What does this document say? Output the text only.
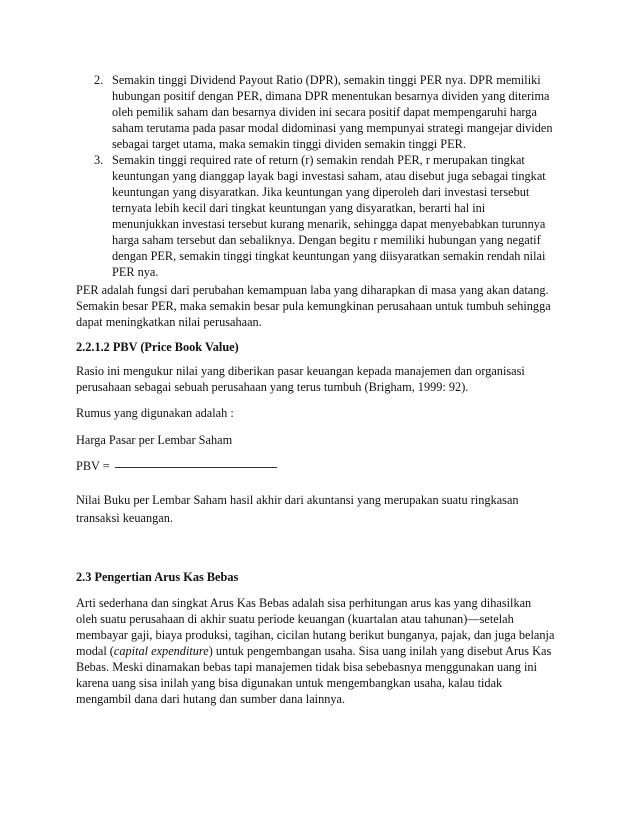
2. Semakin tinggi Dividend Payout Ratio (DPR), semakin tinggi PER nya. DPR memiliki
hubungan positif dengan PER, dimana DPR menentukan besarnya dividen yang diterima
oleh pemilik saham dan besarnya dividen ini secara positif dapat mempengaruhi harga
saham terutama pada pasar modal didominasi yang mempunyai strategi mangejar dividen
sebagai target utama, maka semakin tinggi dividen semakin tinggi PER.
3. Semakin tinggi required rate of return (r) semakin rendah PER, r merupakan tingkat
keuntungan yang dianggap layak bagi investasi saham, atau disebut juga sebagai tingkat
keuntungan yang disyaratkan. Jika keuntungan yang diperoleh dari investasi tersebut
ternyata lebih kecil dari tingkat keuntungan yang disyaratkan, berarti hal ini
menunjukkan investasi tersebut kurang menarik, sehingga dapat menyebabkan turunnya
harga saham tersebut dan sebaliknya. Dengan begitu r memiliki hubungan yang negatif
dengan PER, semakin tinggi tingkat keuntungan yang diisyaratkan semakin rendah nilai
PER nya.
PER adalah fungsi dari perubahan kemampuan laba yang diharapkan di masa yang akan datang.
Semakin besar PER, maka semakin besar pula kemungkinan perusahaan untuk tumbuh sehingga
dapat meningkatkan nilai perusahaan.
2.2.1.2 PBV (Price Book Value)
Rasio ini mengukur nilai yang diberikan pasar keuangan kepada manajemen dan organisasi
perusahaan sebagai sebuah perusahaan yang terus tumbuh (Brigham, 1999: 92).
Rumus yang digunakan adalah :
Harga Pasar per Lembar Saham
PBV =
Nilai Buku per Lembar Saham hasil akhir dari akuntansi yang merupakan suatu ringkasan
transaksi keuangan.
2.3 Pengertian Arus Kas Bebas
Arti sederhana dan singkat Arus Kas Bebas adalah sisa perhitungan arus kas yang dihasilkan
oleh suatu perusahaan di akhir suatu periode keuangan (kuartalan atau tahunan)—setelah
membayar gaji, biaya produksi, tagihan, cicilan hutang berikut bunganya, pajak, dan juga belanja
modal (capital expenditure) untuk pengembangan usaha. Sisa uang inilah yang disebut Arus Kas
Bebas. Meski dinamakan bebas tapi manajemen tidak bisa sebebasnya menggunakan uang ini
karena uang sisa inilah yang bisa digunakan untuk mengembangkan usaha, kalau tidak
mengambil dana dari hutang dan sumber dana lainnya.
